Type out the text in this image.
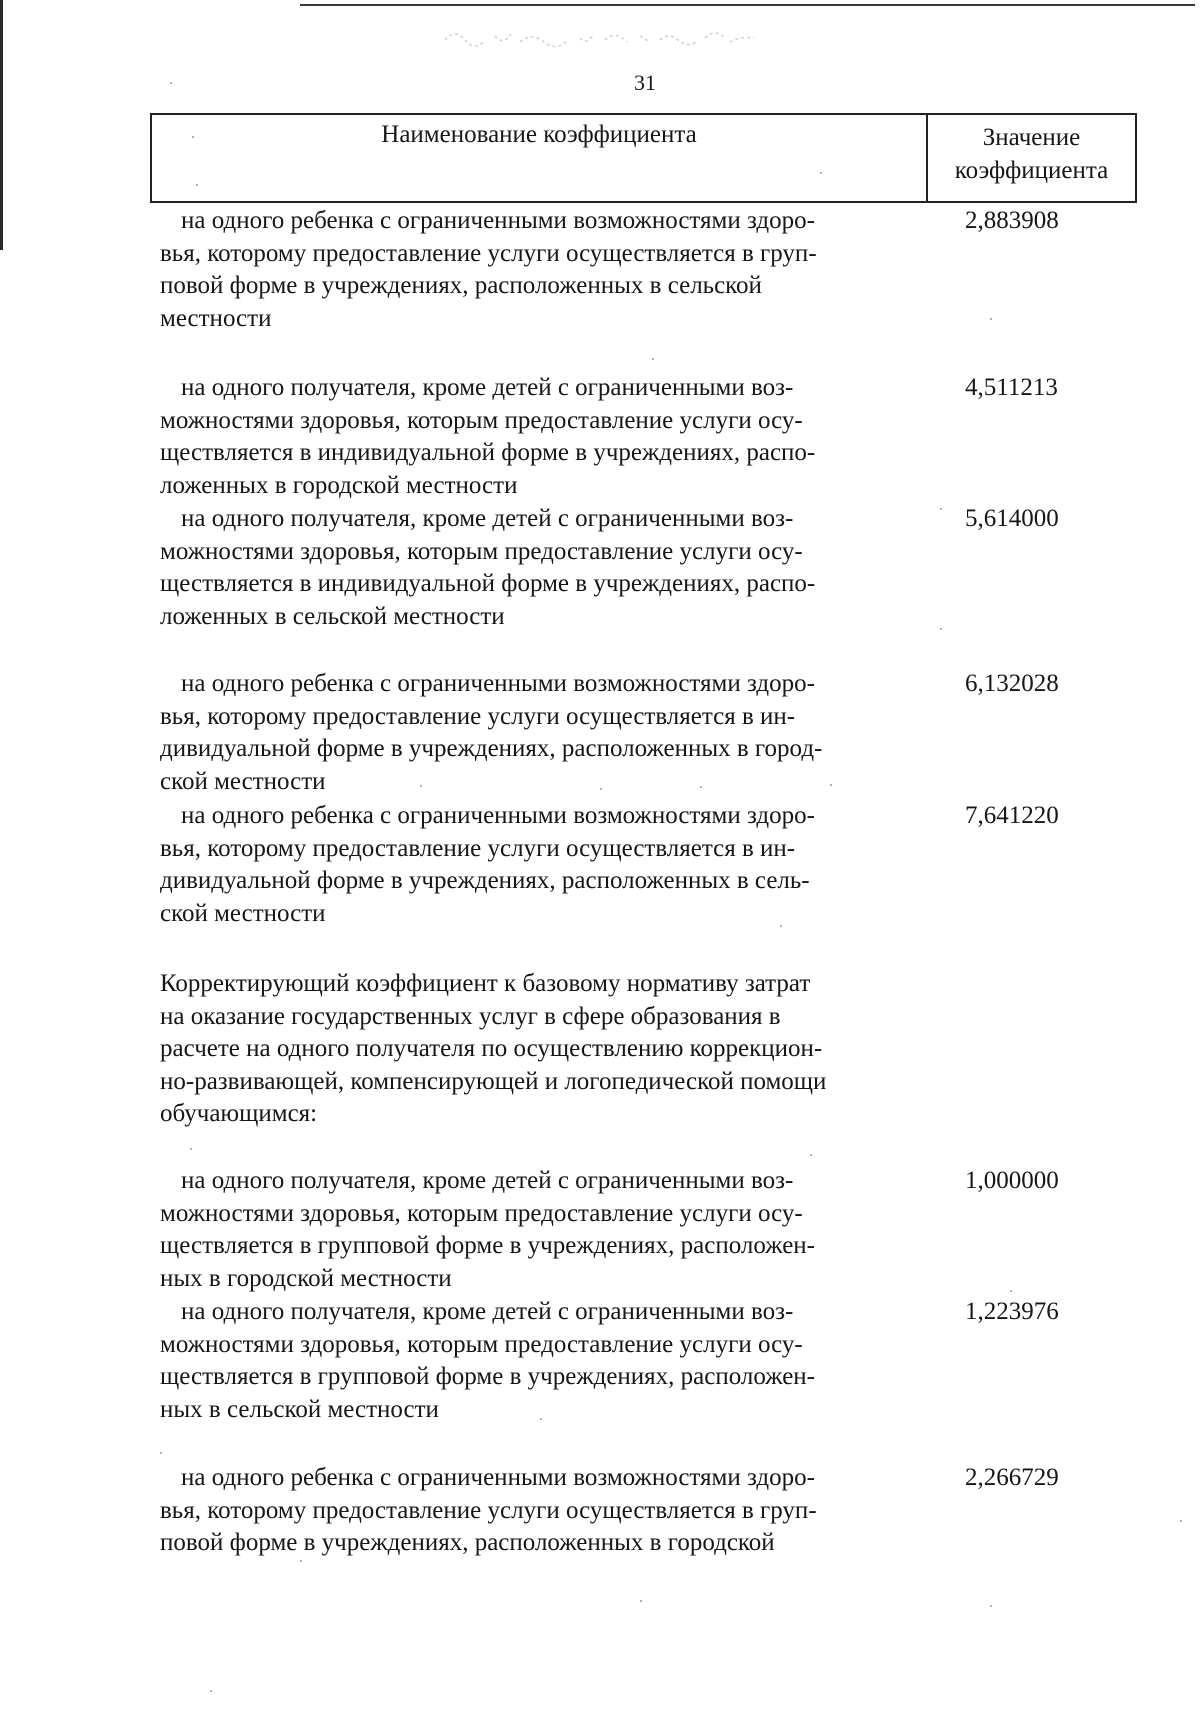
31
Наименование коэффициента	Значение
коэффициента
на одного ребенка с ограниченными возможностями здоро-
вья, которому предоставление услуги осуществляется в груп-
повой форме в учреждениях, расположенных в сельской
местности
2,883908
на одного получателя, кроме детей с ограниченными воз-
можностями здоровья, которым предоставление услуги осу-
ществляется в индивидуальной форме в учреждениях, распо-
ложенных в городской местности
4,511213
на одного получателя, кроме детей с ограниченными воз-
можностями здоровья, которым предоставление услуги осу-
ществляется в индивидуальной форме в учреждениях, распо-
ложенных в сельской местности
5,614000
на одного ребенка с ограниченными возможностями здоро-
вья, которому предоставление услуги осуществляется в ин-
дивидуальной форме в учреждениях, расположенных в город-
ской местности
6,132028
на одного ребенка с ограниченными возможностями здоро-
вья, которому предоставление услуги осуществляется в ин-
дивидуальной форме в учреждениях, расположенных в сель-
ской местности
7,641220
Корректирующий коэффициент к базовому нормативу затрат
на оказание государственных услуг в сфере образования в
расчете на одного получателя по осуществлению коррекцион-
но-развивающей, компенсирующей и логопедической помощи
обучающимся:
на одного получателя, кроме детей с ограниченными воз-
можностями здоровья, которым предоставление услуги осу-
ществляется в групповой форме в учреждениях, расположен-
ных в городской местности
1,000000
на одного получателя, кроме детей с ограниченными воз-
можностями здоровья, которым предоставление услуги осу-
ществляется в групповой форме в учреждениях, расположен-
ных в сельской местности
1,223976
на одного ребенка с ограниченными возможностями здоро-
вья, которому предоставление услуги осуществляется в груп-
повой форме в учреждениях, расположенных в городской
2,266729
